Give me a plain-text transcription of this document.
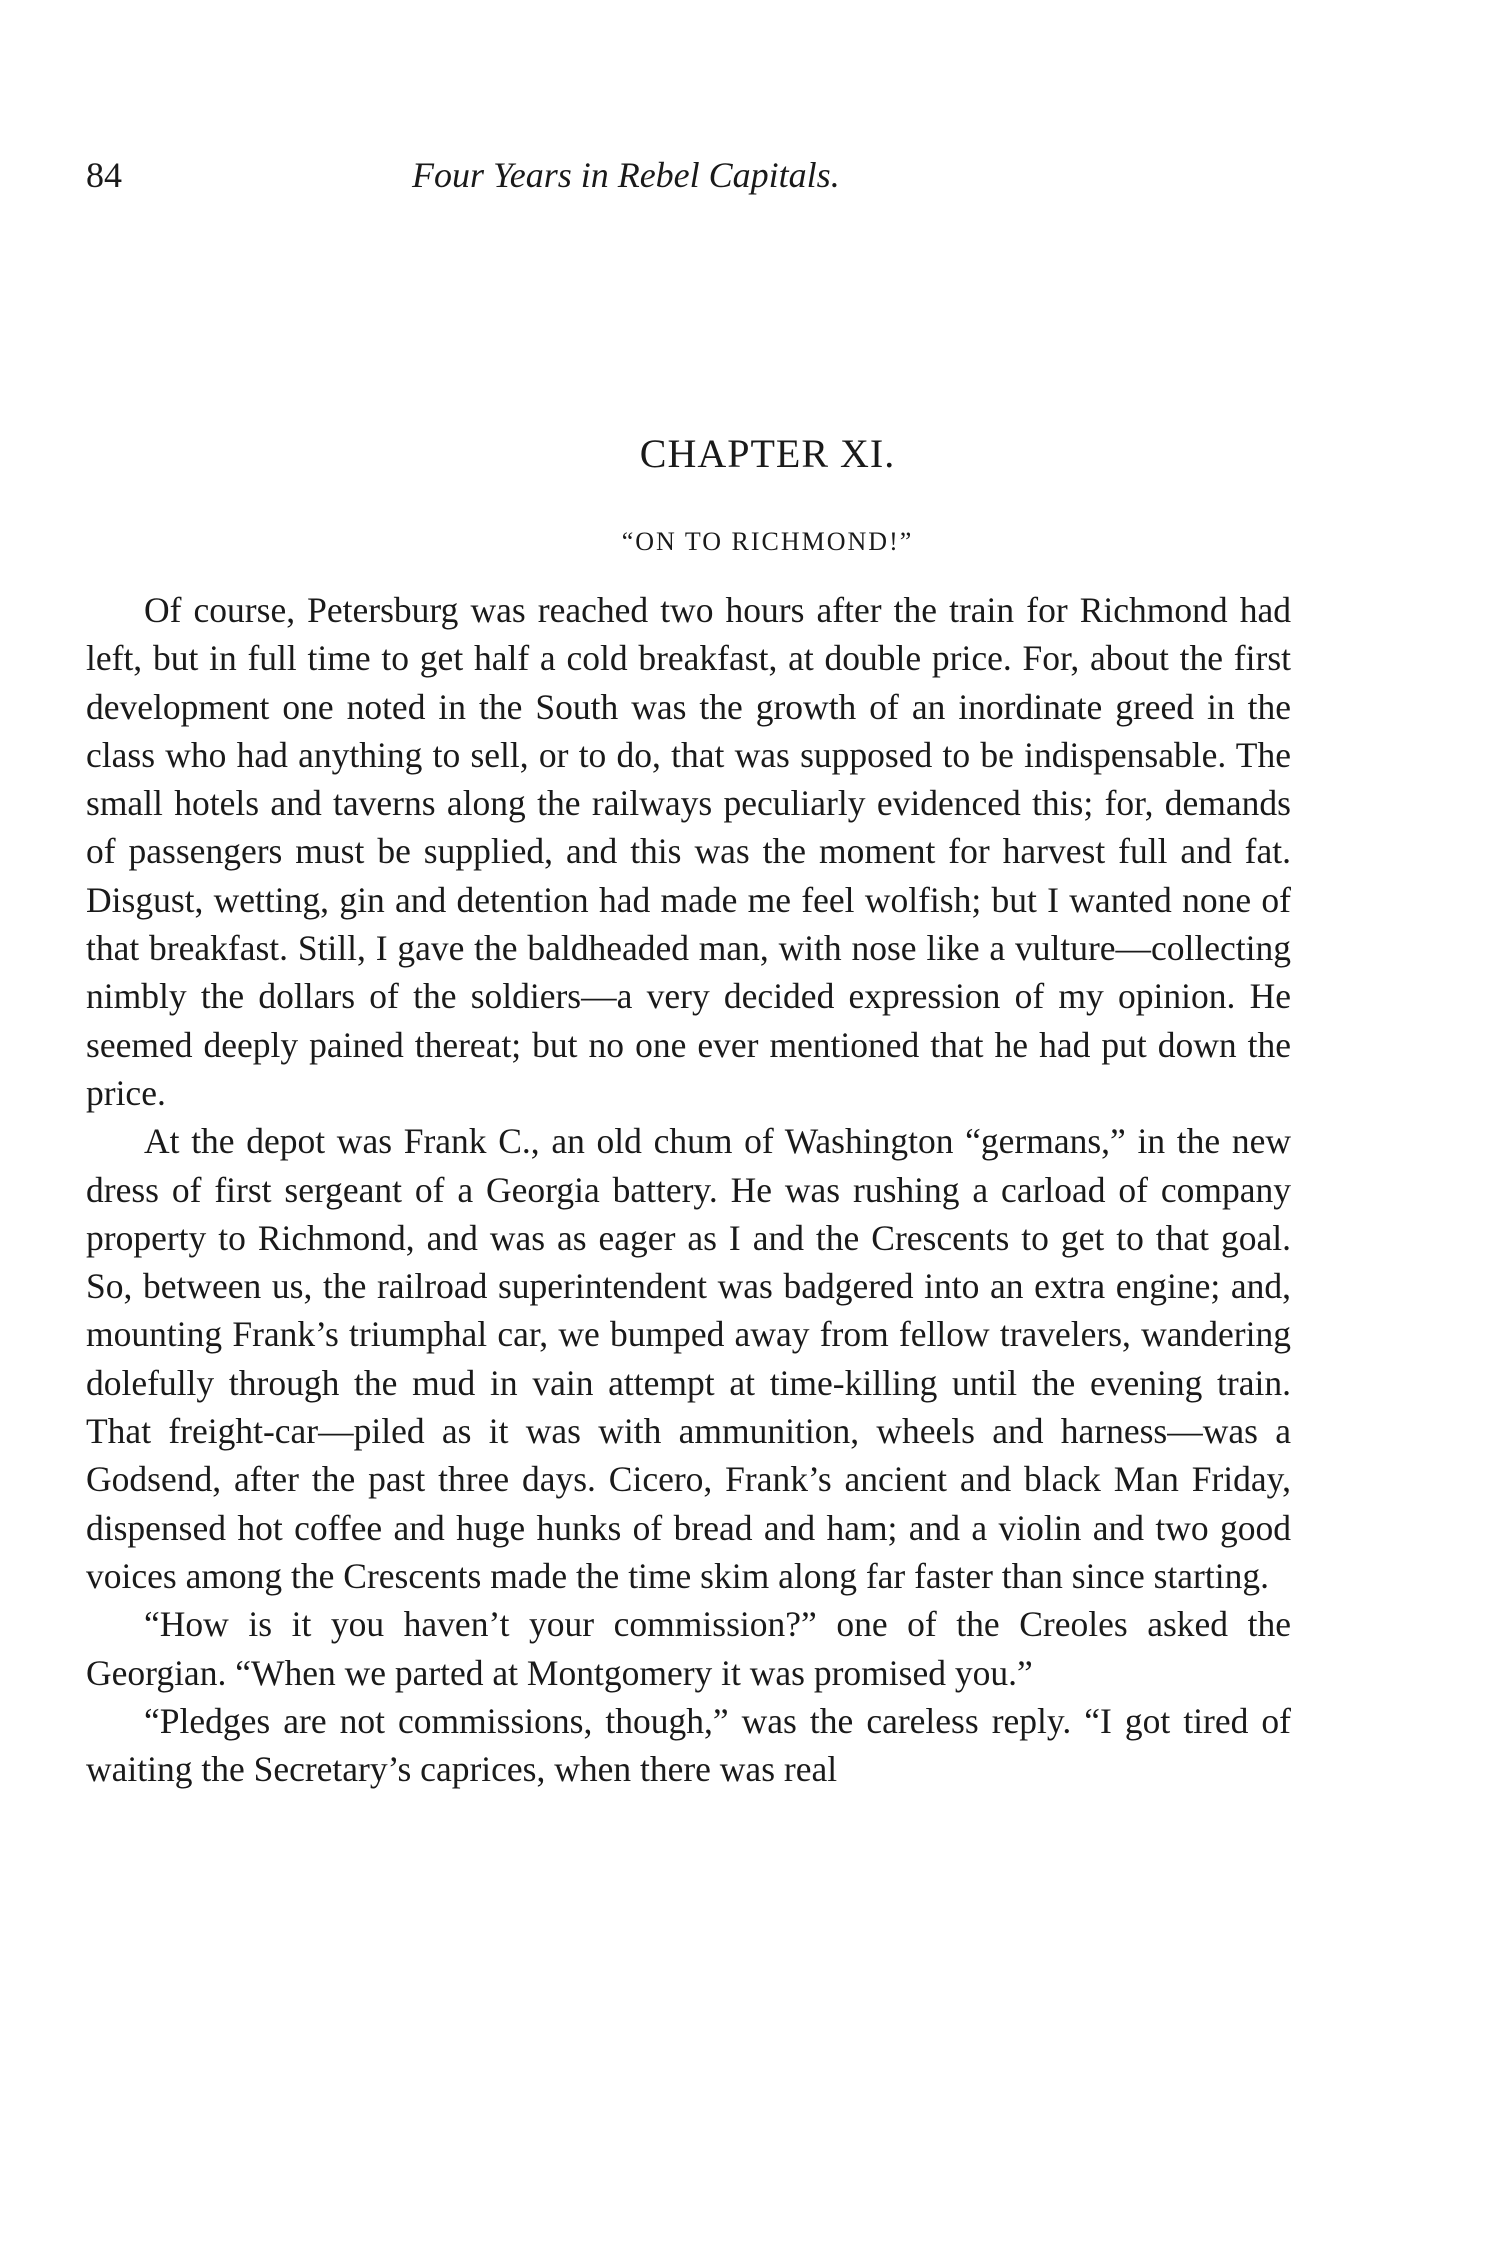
84	Four Years in Rebel Capitals.
CHAPTER XI.
“ON TO RICHMOND!”

Of course, Petersburg was reached two hours after the train for Richmond had left, but in full time to get half a cold breakfast, at double price. For, about the first development one noted in the South was the growth of an inordinate greed in the class who had anything to sell, or to do, that was supposed to be indispensable. The small hotels and taverns along the railways peculiarly evidenced this; for, demands of passengers must be supplied, and this was the moment for harvest full and fat. Disgust, wetting, gin and detention had made me feel wolfish; but I wanted none of that breakfast. Still, I gave the baldheaded man, with nose like a vulture—collecting nimbly the dollars of the soldiers—a very decided expression of my opinion. He seemed deeply pained thereat; but no one ever mentioned that he had put down the price.

At the depot was Frank C., an old chum of Washington “germans,” in the new dress of first sergeant of a Georgia battery. He was rushing a carload of company property to Richmond, and was as eager as I and the Crescents to get to that goal. So, between us, the railroad superintendent was badgered into an extra engine; and, mounting Frank’s triumphal car, we bumped away from fellow travelers, wandering dolefully through the mud in vain attempt at time-killing until the evening train. That freight-car—piled as it was with ammunition, wheels and harness—was a Godsend, after the past three days. Cicero, Frank’s ancient and black Man Friday, dispensed hot coffee and huge hunks of bread and ham; and a violin and two good voices among the Crescents made the time skim along far faster than since starting.

“How is it you haven’t your commission?” one of the Creoles asked the Georgian. “When we parted at Montgomery it was promised you.”

“Pledges are not commissions, though,” was the careless reply. “I got tired of waiting the Secretary’s caprices, when there was real
